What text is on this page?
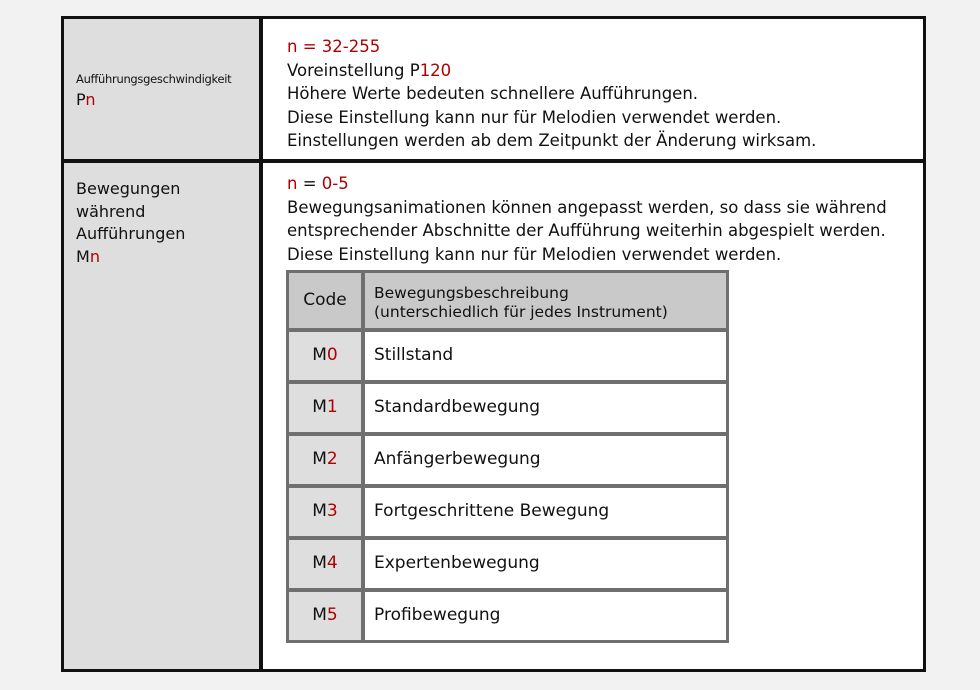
Aufführungsgeschwindigkeit
Pn
n = 32-255
Voreinstellung P120
Höhere Werte bedeuten schnellere Aufführungen.
Diese Einstellung kann nur für Melodien verwendet werden.
Einstellungen werden ab dem Zeitpunkt der Änderung wirksam.
Bewegungen
während
Aufführungen
Mn
n = 0-5
Bewegungsanimationen können angepasst werden, so dass sie während
entsprechender Abschnitte der Aufführung weiterhin abgespielt werden.
Diese Einstellung kann nur für Melodien verwendet werden.
Code	Bewegungsbeschreibung
(unterschiedlich für jedes Instrument)
M0	Stillstand
M1	Standardbewegung
M2	Anfängerbewegung
M3	Fortgeschrittene Bewegung
M4	Expertenbewegung
M5	Profibewegung
